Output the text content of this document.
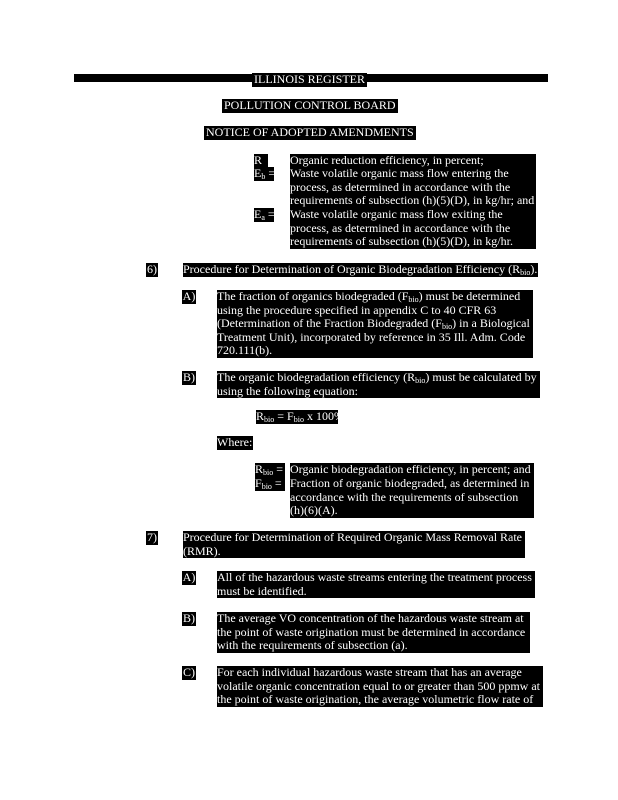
ILLINOIS REGISTER
POLLUTION CONTROL BOARD
NOTICE OF ADOPTED AMENDMENTS
R	Organic reduction efficiency, in percent;
$E_b$ = Waste volatile organic mass flow entering the
process, as determined in accordance with the
requirements of subsection (h)(5)(D), in kg/hr; and
$E_a$ = Waste volatile organic mass flow exiting the
process, as determined in accordance with the
requirements of subsection (h)(5)(D), in kg/hr.
6) Procedure for Determination of Organic Biodegradation Efficiency $(R_{bio})$.
A) The fraction of organics biodegraded $(F_{bio})$ must be determined
using the procedure specified in appendix C to 40 CFR 63
(Determination of the Fraction Biodegraded $(F_{bio})$ in a Biological
Treatment Unit), incorporated by reference in 35 Ill. Adm. Code
720.111(b).
B) The organic biodegradation efficiency $(R_{bio})$ must be calculated by
using the following equation:
$R_{bio} = F_{bio}$ x 100%
Where:
$R_{bio}$ = Organic biodegradation efficiency, in percent; and
$F_{bio}$ = Fraction of organic biodegraded, as determined in
accordance with the requirements of subsection
(h)(6)(A).
7) Procedure for Determination of Required Organic Mass Removal Rate
(RMR).
A) All of the hazardous waste streams entering the treatment process
must be identified.
B) The average VO concentration of the hazardous waste stream at
the point of waste origination must be determined in accordance
with the requirements of subsection (a).
C) For each individual hazardous waste stream that has an average
volatile organic concentration equal to or greater than 500 ppmw at
the point of waste origination, the average volumetric flow rate of
